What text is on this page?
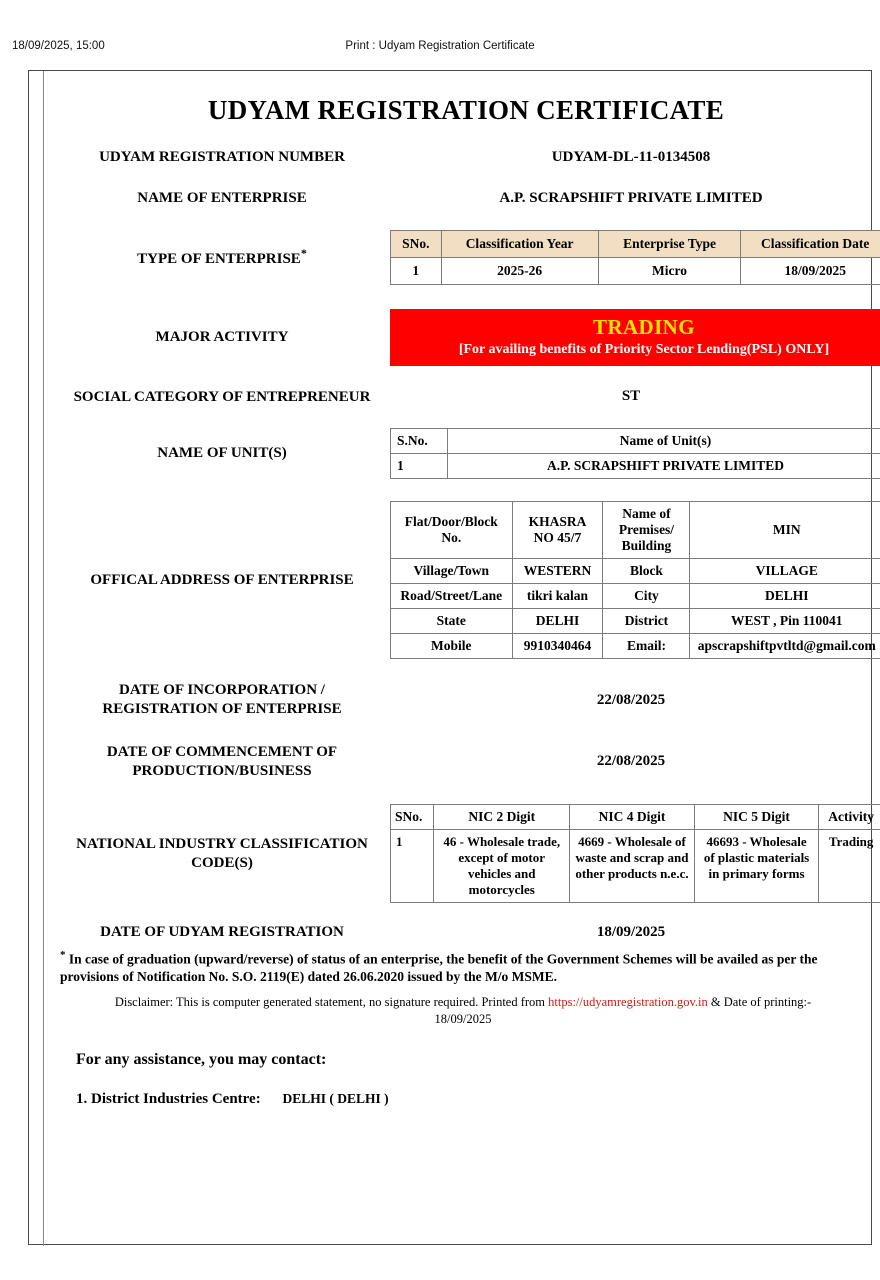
18/09/2025, 15:00	Print : Udyam Registration Certificate
UDYAM REGISTRATION CERTIFICATE
UDYAM REGISTRATION NUMBER	UDYAM-DL-11-0134508
NAME OF ENTERPRISE	A.P. SCRAPSHIFT PRIVATE LIMITED
TYPE OF ENTERPRISE*
SNo.	Classification Year	Enterprise Type	Classification Date
1	2025-26	Micro	18/09/2025
MAJOR ACTIVITY	TRADING
[For availing benefits of Priority Sector Lending(PSL) ONLY]
SOCIAL CATEGORY OF ENTREPRENEUR	ST
NAME OF UNIT(S)
S.No.	Name of Unit(s)
1	A.P. SCRAPSHIFT PRIVATE LIMITED
OFFICAL ADDRESS OF ENTERPRISE
Flat/Door/Block No.	KHASRA NO 45/7	Name of Premises/ Building	MIN
Village/Town	WESTERN	Block	VILLAGE
Road/Street/Lane	tikri kalan	City	DELHI
State	DELHI	District	WEST , Pin 110041
Mobile	9910340464	Email:	apscrapshiftpvtltd@gmail.com
DATE OF INCORPORATION / REGISTRATION OF ENTERPRISE
22/08/2025
DATE OF COMMENCEMENT OF PRODUCTION/BUSINESS
22/08/2025
NATIONAL INDUSTRY CLASSIFICATION CODE(S)
SNo.	NIC 2 Digit	NIC 4 Digit	NIC 5 Digit	Activity
1	46 - Wholesale trade, except of motor vehicles and motorcycles	4669 - Wholesale of waste and scrap and other products n.e.c.	46693 - Wholesale of plastic materials in primary forms	Trading
DATE OF UDYAM REGISTRATION	18/09/2025
* In case of graduation (upward/reverse) of status of an enterprise, the benefit of the Government Schemes will be availed as per the provisions of Notification No. S.O. 2119(E) dated 26.06.2020 issued by the M/o MSME.
Disclaimer: This is computer generated statement, no signature required. Printed from https://udyamregistration.gov.in & Date of printing:-
18/09/2025
For any assistance, you may contact:
1. District Industries Centre: DELHI ( DELHI )
